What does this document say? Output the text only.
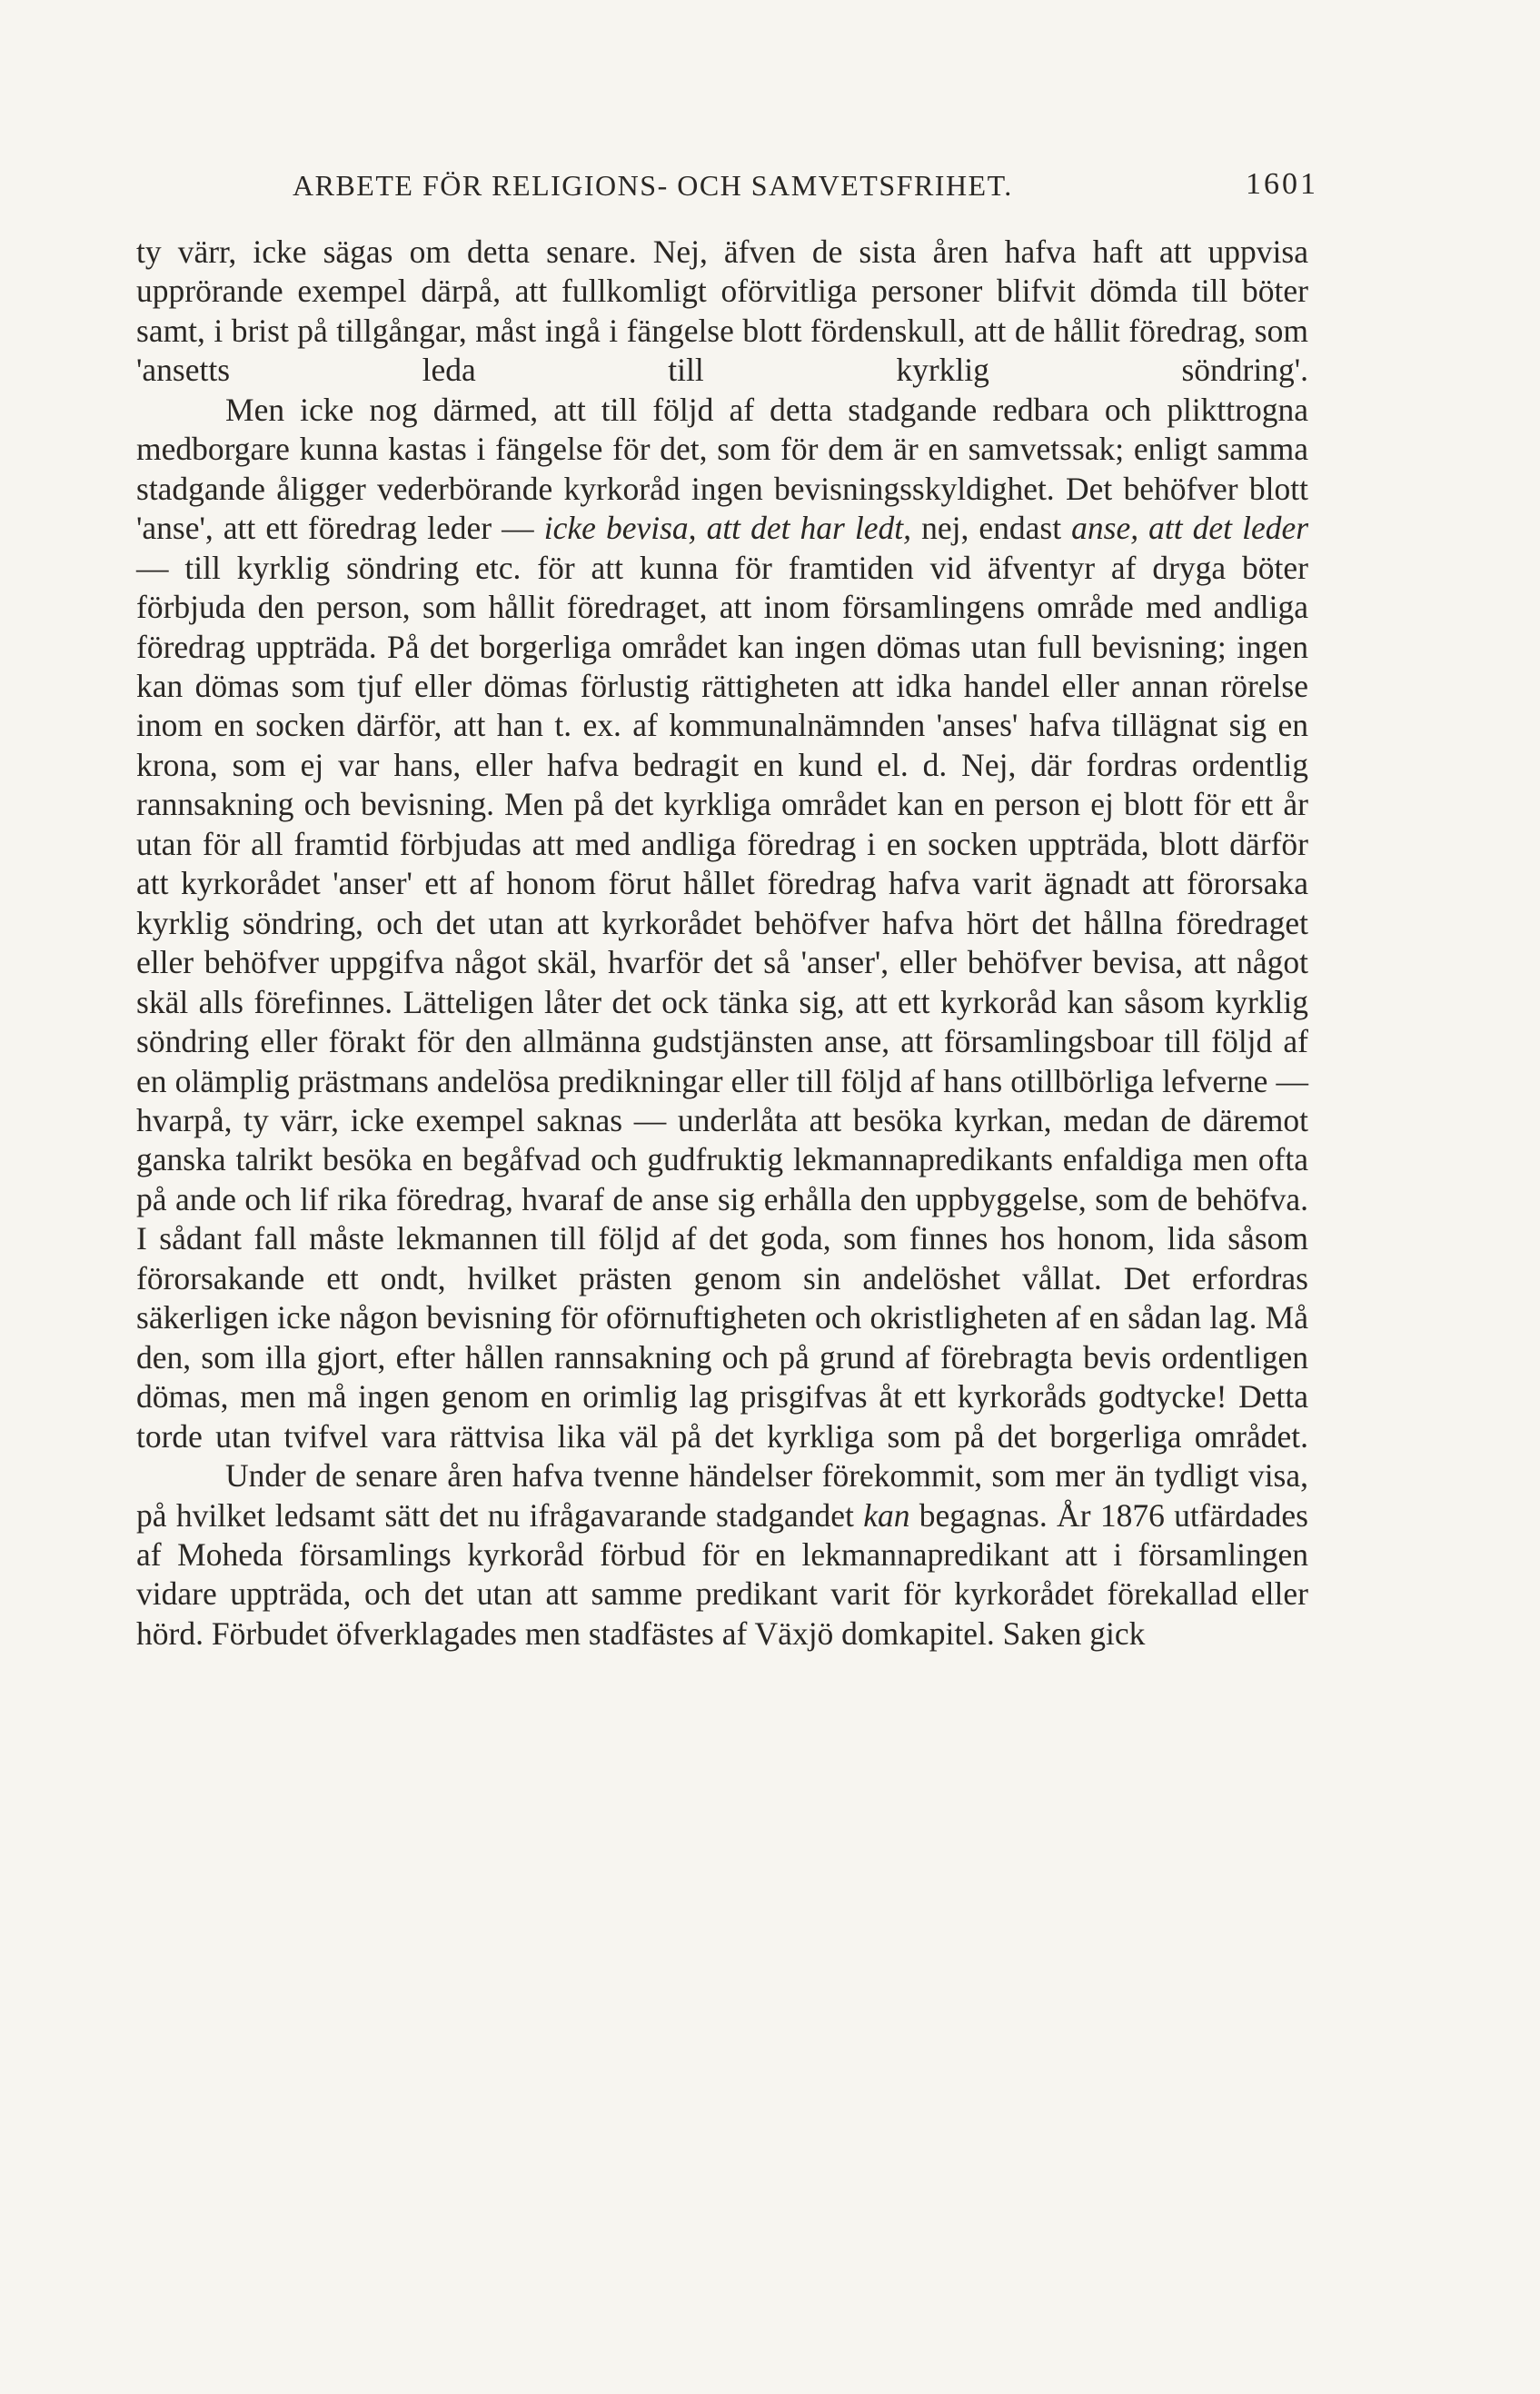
ARBETE FÖR RELIGIONS- OCH SAMVETSFRIHET.	1601

ty värr, icke sägas om detta senare. Nej, äfven de sista åren hafva haft att uppvisa upprörande exempel därpå, att fullkomligt oförvitliga personer blifvit dömda till böter samt, i brist på tillgångar, måst ingå i fängelse blott fördenskull, att de hållit föredrag, som 'ansetts leda till kyrklig söndring'.

Men icke nog därmed, att till följd af detta stadgande redbara och plikttrogna medborgare kunna kastas i fängelse för det, som för dem är en samvetssak; enligt samma stadgande åligger vederbörande kyrkoråd ingen bevisningsskyldighet. Det behöfver blott 'anse', att ett föredrag leder — icke bevisa, att det har ledt, nej, endast anse, att det leder — till kyrklig söndring etc. för att kunna för framtiden vid äfventyr af dryga böter förbjuda den person, som hållit föredraget, att inom församlingens område med andliga föredrag uppträda. På det borgerliga området kan ingen dömas utan full bevisning; ingen kan dömas som tjuf eller dömas förlustig rättigheten att idka handel eller annan rörelse inom en socken därför, att han t. ex. af kommunalnämnden 'anses' hafva tillägnat sig en krona, som ej var hans, eller hafva bedragit en kund el. d. Nej, där fordras ordentlig rannsakning och bevisning. Men på det kyrkliga området kan en person ej blott för ett år utan för all framtid förbjudas att med andliga föredrag i en socken uppträda, blott därför att kyrkorådet 'anser' ett af honom förut hållet föredrag hafva varit ägnadt att förorsaka kyrklig söndring, och det utan att kyrkorådet behöfver hafva hört det hållna föredraget eller behöfver uppgifva något skäl, hvarför det så 'anser', eller behöfver bevisa, att något skäl alls förefinnes. Lätteligen låter det ock tänka sig, att ett kyrkoråd kan såsom kyrklig söndring eller förakt för den allmänna gudstjänsten anse, att församlingsboar till följd af en olämplig prästmans andelösa predikningar eller till följd af hans otillbörliga lefverne — hvarpå, ty värr, icke exempel saknas — underlåta att besöka kyrkan, medan de däremot ganska talrikt besöka en begåfvad och gudfruktig lekmannapredikants enfaldiga men ofta på ande och lif rika föredrag, hvaraf de anse sig erhålla den uppbyggelse, som de behöfva. I sådant fall måste lekmannen till följd af det goda, som finnes hos honom, lida såsom förorsakande ett ondt, hvilket prästen genom sin andelöshet vållat. Det erfordras säkerligen icke någon bevisning för oförnuftigheten och okristligheten af en sådan lag. Må den, som illa gjort, efter hållen rannsakning och på grund af förebragta bevis ordentligen dömas, men må ingen genom en orimlig lag prisgifvas åt ett kyrkoråds godtycke! Detta torde utan tvifvel vara rättvisa lika väl på det kyrkliga som på det borgerliga området.

Under de senare åren hafva tvenne händelser förekommit, som mer än tydligt visa, på hvilket ledsamt sätt det nu ifrågavarande stadgandet kan begagnas. År 1876 utfärdades af Moheda församlings kyrkoråd förbud för en lekmannapredikant att i församlingen vidare uppträda, och det utan att samme predikant varit för kyrkorådet förekallad eller hörd. Förbudet öfverklagades men stadfästes af Växjö domkapitel. Saken gick
